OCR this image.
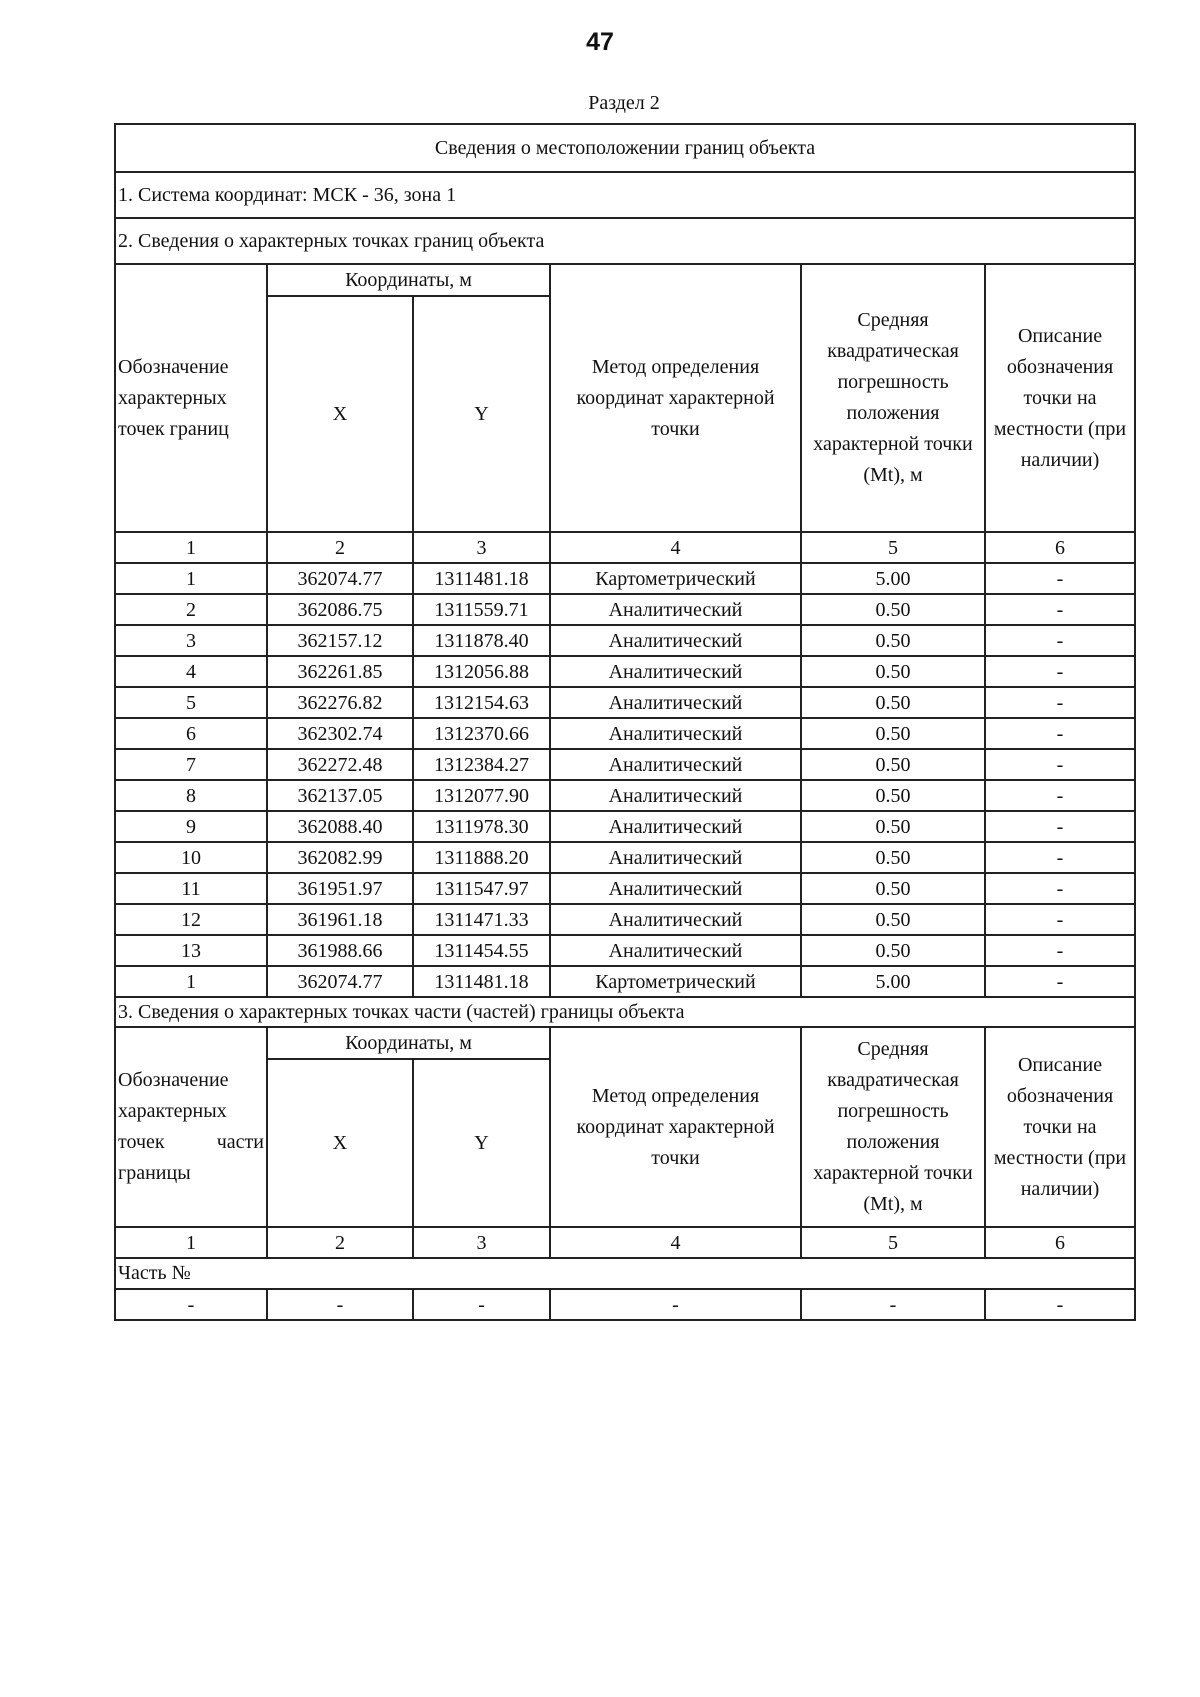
47
Раздел 2
Сведения о местоположении границ объекта					
1. Система координат: МСК - 36, зона 1					
2. Сведения о характерных точках границ объекта					
Обозначение характерных точек границ	Координаты, м		Метод определения координат характерной точки	Средняя квадратическая погрешность положения характерной точки (Mt), м	Описание обозначения точки на местности (при наличии)
	X	Y			
1	2	3	4	5	6
1	362074.77	1311481.18	Картометрический	5.00	-
2	362086.75	1311559.71	Аналитический	0.50	-
3	362157.12	1311878.40	Аналитический	0.50	-
4	362261.85	1312056.88	Аналитический	0.50	-
5	362276.82	1312154.63	Аналитический	0.50	-
6	362302.74	1312370.66	Аналитический	0.50	-
7	362272.48	1312384.27	Аналитический	0.50	-
8	362137.05	1312077.90	Аналитический	0.50	-
9	362088.40	1311978.30	Аналитический	0.50	-
10	362082.99	1311888.20	Аналитический	0.50	-
11	361951.97	1311547.97	Аналитический	0.50	-
12	361961.18	1311471.33	Аналитический	0.50	-
13	361988.66	1311454.55	Аналитический	0.50	-
1	362074.77	1311481.18	Картометрический	5.00	-
3. Сведения о характерных точках части (частей) границы объекта					
Обозначение характерных точек части границы	Координаты, м		Метод определения координат характерной точки	Средняя квадратическая погрешность положения характерной точки (Mt), м	Описание обозначения точки на местности (при наличии)
	X	Y			
1	2	3	4	5	6
Часть №					
-	-	-	-	-	-
